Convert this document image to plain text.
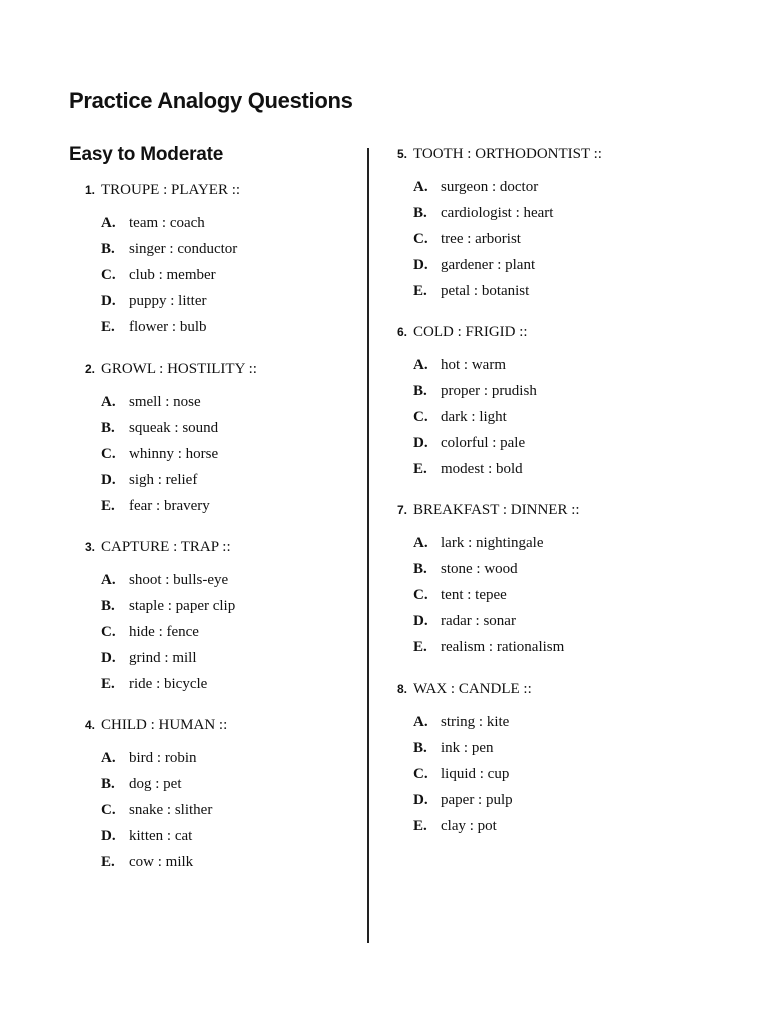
Practice Analogy Questions
Easy to Moderate
1. TROUPE : PLAYER ::
A. team : coach
B. singer : conductor
C. club : member
D. puppy : litter
E. flower : bulb
2. GROWL : HOSTILITY ::
A. smell : nose
B. squeak : sound
C. whinny : horse
D. sigh : relief
E. fear : bravery
3. CAPTURE : TRAP ::
A. shoot : bulls-eye
B. staple : paper clip
C. hide : fence
D. grind : mill
E. ride : bicycle
4. CHILD : HUMAN ::
A. bird : robin
B. dog : pet
C. snake : slither
D. kitten : cat
E. cow : milk
5. TOOTH : ORTHODONTIST ::
A. surgeon : doctor
B. cardiologist : heart
C. tree : arborist
D. gardener : plant
E. petal : botanist
6. COLD : FRIGID ::
A. hot : warm
B. proper : prudish
C. dark : light
D. colorful : pale
E. modest : bold
7. BREAKFAST : DINNER ::
A. lark : nightingale
B. stone : wood
C. tent : tepee
D. radar : sonar
E. realism : rationalism
8. WAX : CANDLE ::
A. string : kite
B. ink : pen
C. liquid : cup
D. paper : pulp
E. clay : pot
